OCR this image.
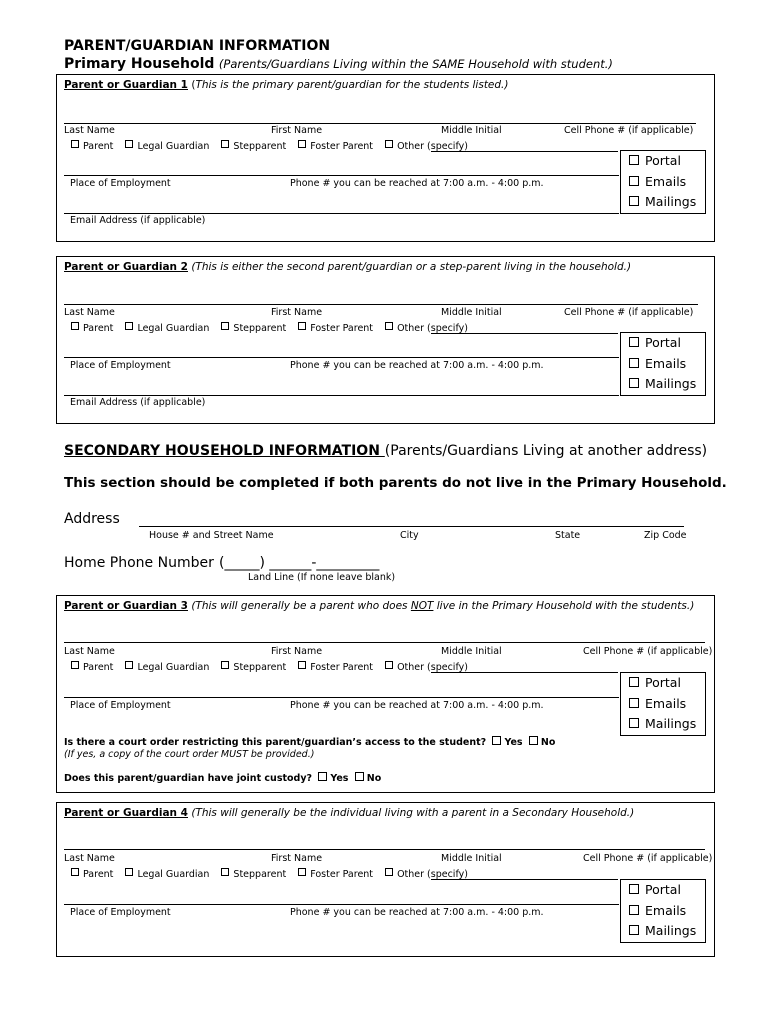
PARENT/GUARDIAN INFORMATION
Primary Household (Parents/Guardians Living within the SAME Household with student.)
Parent or Guardian 1 (This is the primary parent/guardian for the students listed.)
Last Name	First Name	Middle Initial	Cell Phone # (if applicable)
Parent	Legal Guardian	Stepparent	Foster Parent	Other (specify)
Place of Employment	Phone # you can be reached at 7:00 a.m. - 4:00 p.m.
Email Address (if applicable)
Portal
Emails
Mailings
Parent or Guardian 2 (This is either the second parent/guardian or a step-parent living in the household.)
Last Name	First Name	Middle Initial	Cell Phone # (if applicable)
Parent	Legal Guardian	Stepparent	Foster Parent	Other (specify)
Place of Employment	Phone # you can be reached at 7:00 a.m. - 4:00 p.m.
Email Address (if applicable)
Portal
Emails
Mailings
SECONDARY HOUSEHOLD INFORMATION (Parents/Guardians Living at another address)
This section should be completed if both parents do not live in the Primary Household.
Address
House # and Street Name	City	State	Zip Code
Home Phone Number (_____) ______-_________
Land Line (If none leave blank)
Parent or Guardian 3 (This will generally be a parent who does NOT live in the Primary Household with the students.)
Last Name	First Name	Middle Initial	Cell Phone # (if applicable)
Parent	Legal Guardian	Stepparent	Foster Parent	Other (specify)
Place of Employment	Phone # you can be reached at 7:00 a.m. - 4:00 p.m.
Portal
Emails
Mailings
Is there a court order restricting this parent/guardian’s access to the student? Yes No
(If yes, a copy of the court order MUST be provided.)
Does this parent/guardian have joint custody? Yes No
Parent or Guardian 4 (This will generally be the individual living with a parent in a Secondary Household.)
Last Name	First Name	Middle Initial	Cell Phone # (if applicable)
Parent	Legal Guardian	Stepparent	Foster Parent	Other (specify)
Place of Employment	Phone # you can be reached at 7:00 a.m. - 4:00 p.m.
Portal
Emails
Mailings
